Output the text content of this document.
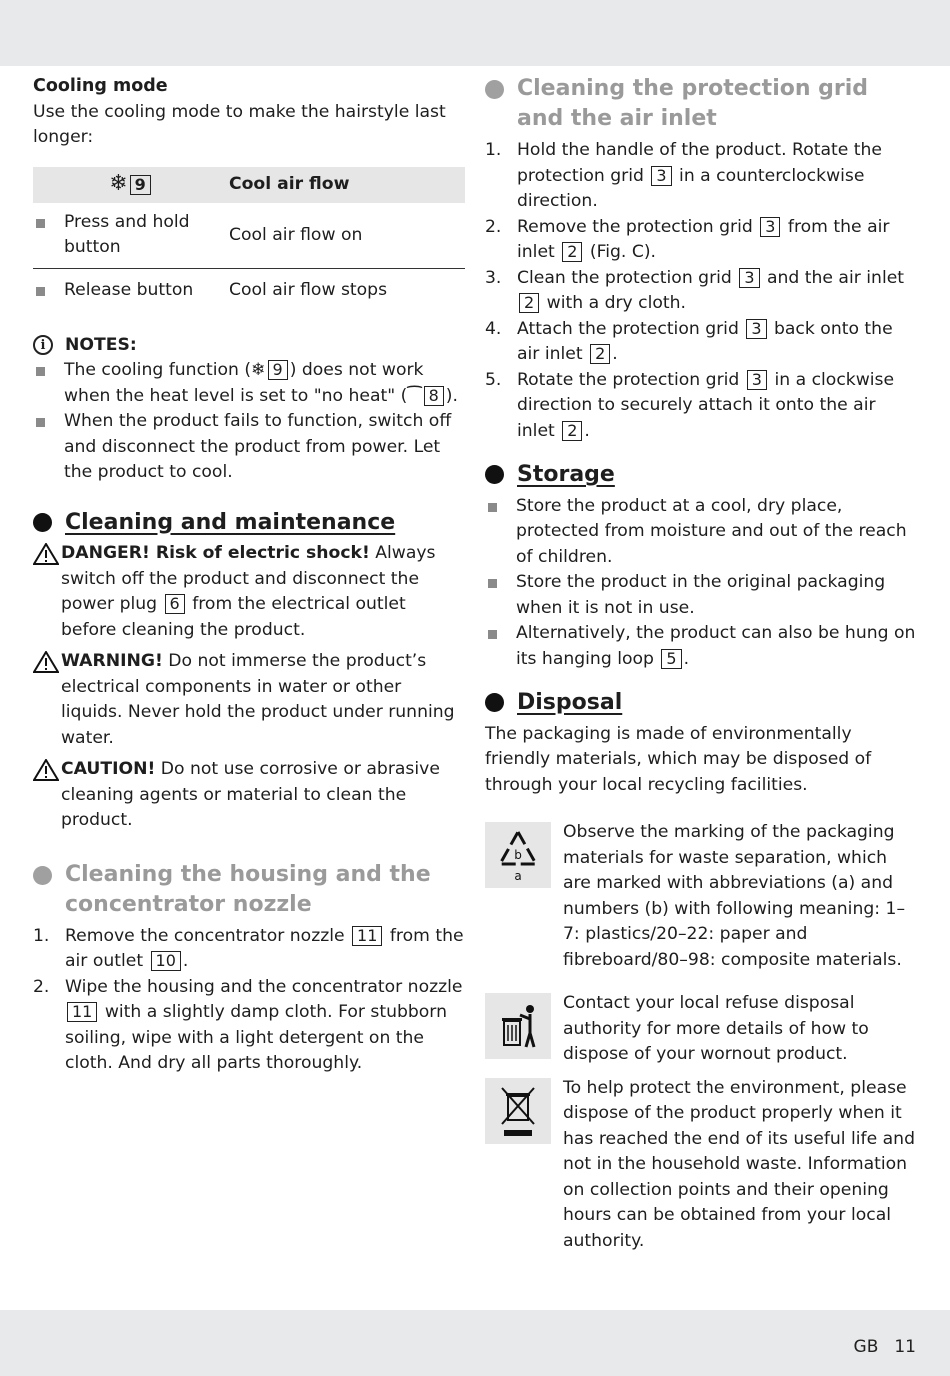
Cooling mode

Use the cooling mode to make the hairstyle last longer:

❄ 9	Cool air flow

Press and hold button	Cool air flow on

Release button	Cool air flow stops
i	NOTES:
The cooling function (❄ 9 ) does not work when the heat level is set to "no heat" (⁀ 8 ).
When the product fails to function, switch off and disconnect the product from power. Let the product to cool.
Cleaning and maintenance
DANGER! Risk of electric shock! Always switch off the product and disconnect the power plug 6 from the electrical outlet before cleaning the product.
WARNING! Do not immerse the product’s electrical components in water or other liquids. Never hold the product under running water.
CAUTION! Do not use corrosive or abrasive cleaning agents or material to clean the product.
Cleaning the housing and the concentrator nozzle
1. Remove the concentrator nozzle 11 from the air outlet 10 .
2. Wipe the housing and the concentrator nozzle 11 with a slightly damp cloth. For stubborn soiling, wipe with a light detergent on the cloth. And dry all parts thoroughly.
Cleaning the protection grid and the air inlet
1. Hold the handle of the product. Rotate the protection grid 3 in a counterclockwise direction.
2. Remove the protection grid 3 from the air inlet 2 (Fig. C).
3. Clean the protection grid 3 and the air inlet 2 with a dry cloth.
4. Attach the protection grid 3 back onto the air inlet 2 .
5. Rotate the protection grid 3 in a clockwise direction to securely attach it onto the air inlet 2 .
Storage
Store the product at a cool, dry place, protected from moisture and out of the reach of children.
Store the product in the original packaging when it is not in use.
Alternatively, the product can also be hung on its hanging loop 5 .
Disposal

The packaging is made of environmentally friendly materials, which may be disposed of through your local recycling facilities.

b
a
Observe the marking of the packaging materials for waste separation, which are marked with abbreviations (a) and numbers (b) with following meaning: 1–7: plastics/20–22: paper and fibreboard/80–98: composite materials.
Contact your local refuse disposal authority for more details of how to dispose of your wornout product.
To help protect the environment, please dispose of the product properly when it has reached the end of its useful life and not in the household waste. Information on collection points and their opening hours can be obtained from your local authority.
GB 11
